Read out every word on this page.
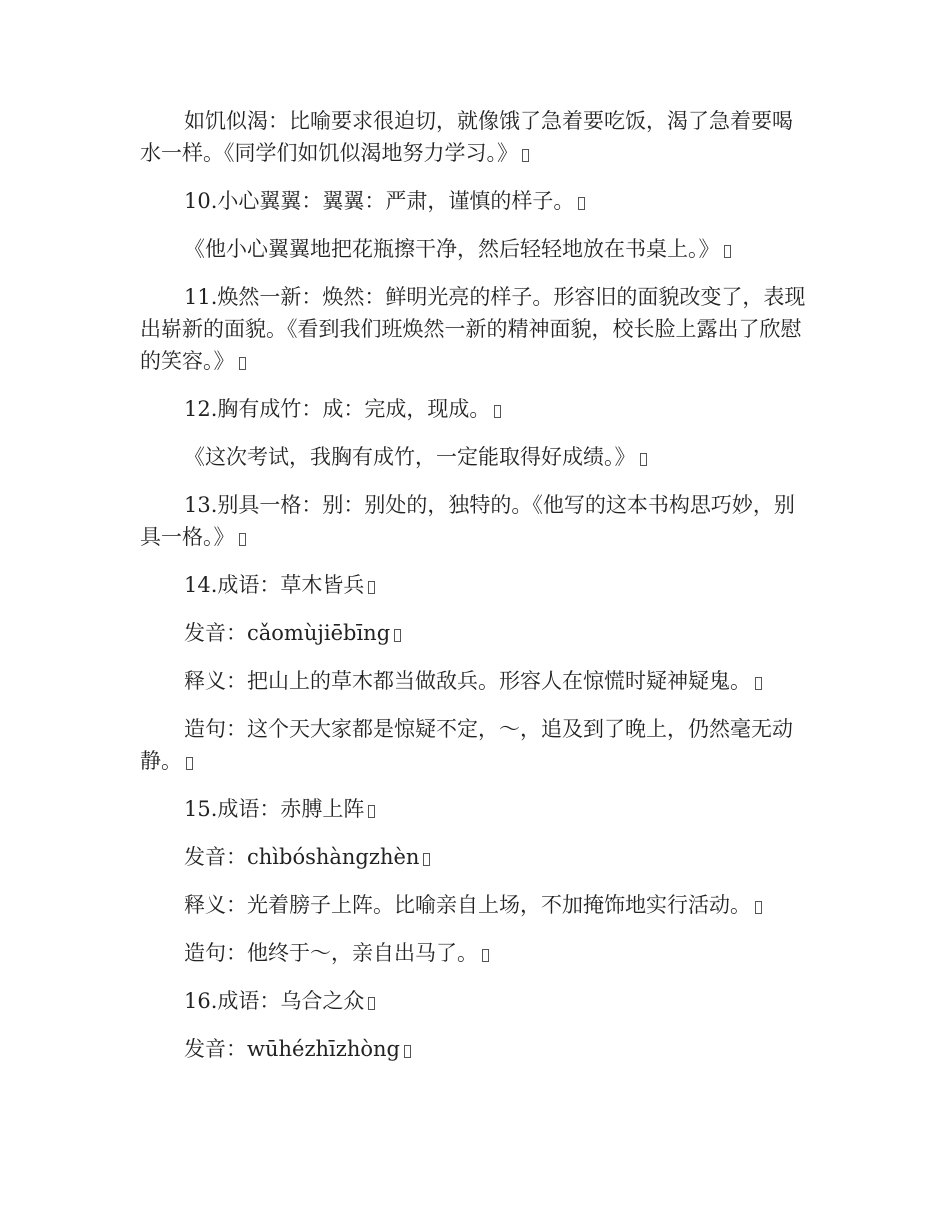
如饥似渴：比喻要求很迫切，就像饿了急着要吃饭，渴了急着要喝水一样。《同学们如饥似渴地努力学习。》

10.小心翼翼：翼翼：严肃，谨慎的样子。

《他小心翼翼地把花瓶擦干净，然后轻轻地放在书桌上。》

11.焕然一新：焕然：鲜明光亮的样子。形容旧的面貌改变了，表现出崭新的面貌。《看到我们班焕然一新的精神面貌，校长脸上露出了欣慰的笑容。》

12.胸有成竹：成：完成，现成。

《这次考试，我胸有成竹，一定能取得好成绩。》

13.别具一格：别：别处的，独特的。《他写的这本书构思巧妙，别具一格。》

14.成语：草木皆兵

发音：cǎomùjiēbīng

释义：把山上的草木都当做敌兵。形容人在惊慌时疑神疑鬼。

造句：这个天大家都是惊疑不定，～，追及到了晚上，仍然毫无动静。

15.成语：赤膊上阵

发音：chìbóshàngzhèn

释义：光着膀子上阵。比喻亲自上场，不加掩饰地实行活动。

造句：他终于～，亲自出马了。

16.成语：乌合之众

发音：wūhézhīzhòng
